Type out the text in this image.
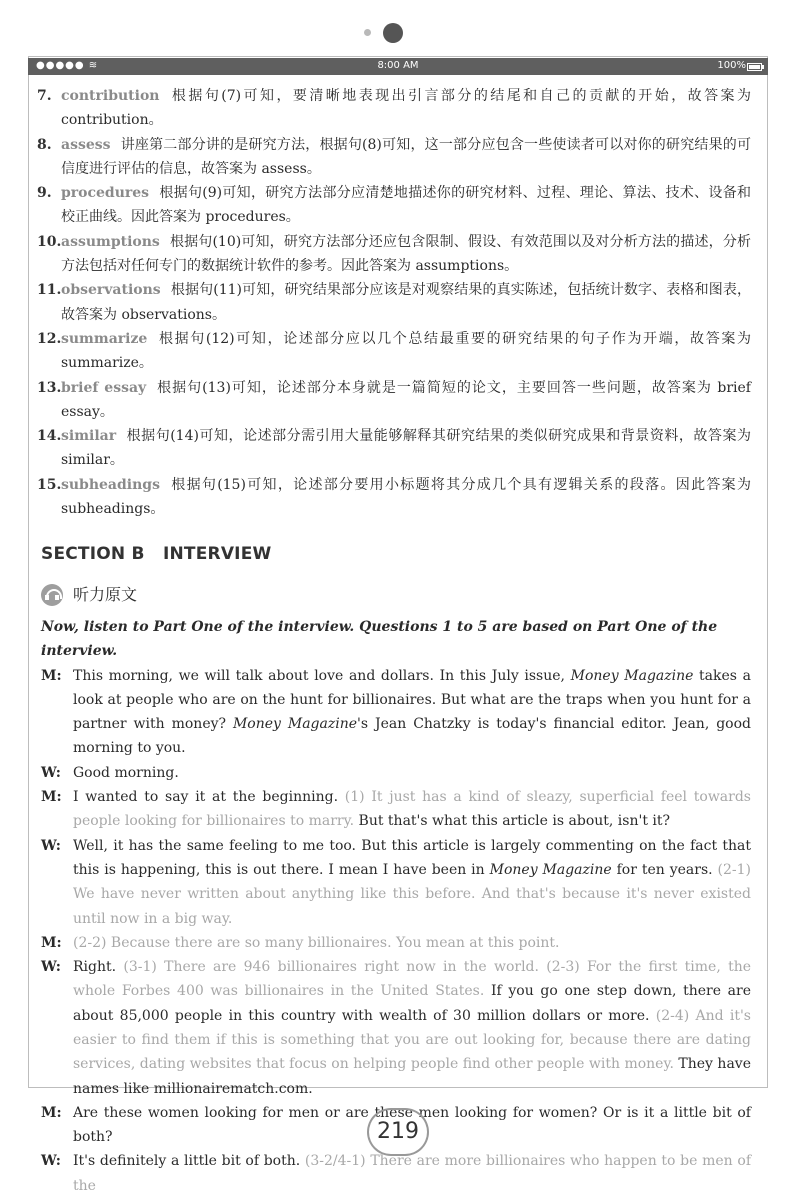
●●●●● ≋	8:00 AM	100%
7. contribution 根据句(7)可知，要清晰地表现出引言部分的结尾和自己的贡献的开始，故答案为 contribution。
8. assess 讲座第二部分讲的是研究方法，根据句(8)可知，这一部分应包含一些使读者可以对你的研究结果的可信度进行评估的信息，故答案为 assess。
9. procedures 根据句(9)可知，研究方法部分应清楚地描述你的研究材料、过程、理论、算法、技术、设备和校正曲线。因此答案为 procedures。
10. assumptions 根据句(10)可知，研究方法部分还应包含限制、假设、有效范围以及对分析方法的描述，分析方法包括对任何专门的数据统计软件的参考。因此答案为 assumptions。
11. observations 根据句(11)可知，研究结果部分应该是对观察结果的真实陈述，包括统计数字、表格和图表，故答案为 observations。
12. summarize 根据句(12)可知，论述部分应以几个总结最重要的研究结果的句子作为开端，故答案为 summarize。
13. brief essay 根据句(13)可知，论述部分本身就是一篇简短的论文，主要回答一些问题，故答案为 brief essay。
14. similar 根据句(14)可知，论述部分需引用大量能够解释其研究结果的类似研究成果和背景资料，故答案为 similar。
15. subheadings 根据句(15)可知，论述部分要用小标题将其分成几个具有逻辑关系的段落。因此答案为 subheadings。
SECTION B   INTERVIEW
听力原文
Now, listen to Part One of the interview. Questions 1 to 5 are based on Part One of the interview.
M: This morning, we will talk about love and dollars. In this July issue, Money Magazine takes a look at people who are on the hunt for billionaires. But what are the traps when you hunt for a partner with money? Money Magazine's Jean Chatzky is today's financial editor. Jean, good morning to you.
W: Good morning.
M: I wanted to say it at the beginning. (1) It just has a kind of sleazy, superficial feel towards people looking for billionaires to marry. But that's what this article is about, isn't it?
W: Well, it has the same feeling to me too. But this article is largely commenting on the fact that this is happening, this is out there. I mean I have been in Money Magazine for ten years. (2-1) We have never written about anything like this before. And that's because it's never existed until now in a big way.
M: (2-2) Because there are so many billionaires. You mean at this point.
W: Right. (3-1) There are 946 billionaires right now in the world. (2-3) For the first time, the whole Forbes 400 was billionaires in the United States. If you go one step down, there are about 85,000 people in this country with wealth of 30 million dollars or more. (2-4) And it's easier to find them if this is something that you are out looking for, because there are dating services, dating websites that focus on helping people find other people with money. They have names like millionairematch.com.
M: Are these women looking for men or are these men looking for women? Or is it a little bit of both?
W: It's definitely a little bit of both. (3-2/4-1) There are more billionaires who happen to be men of the
219
